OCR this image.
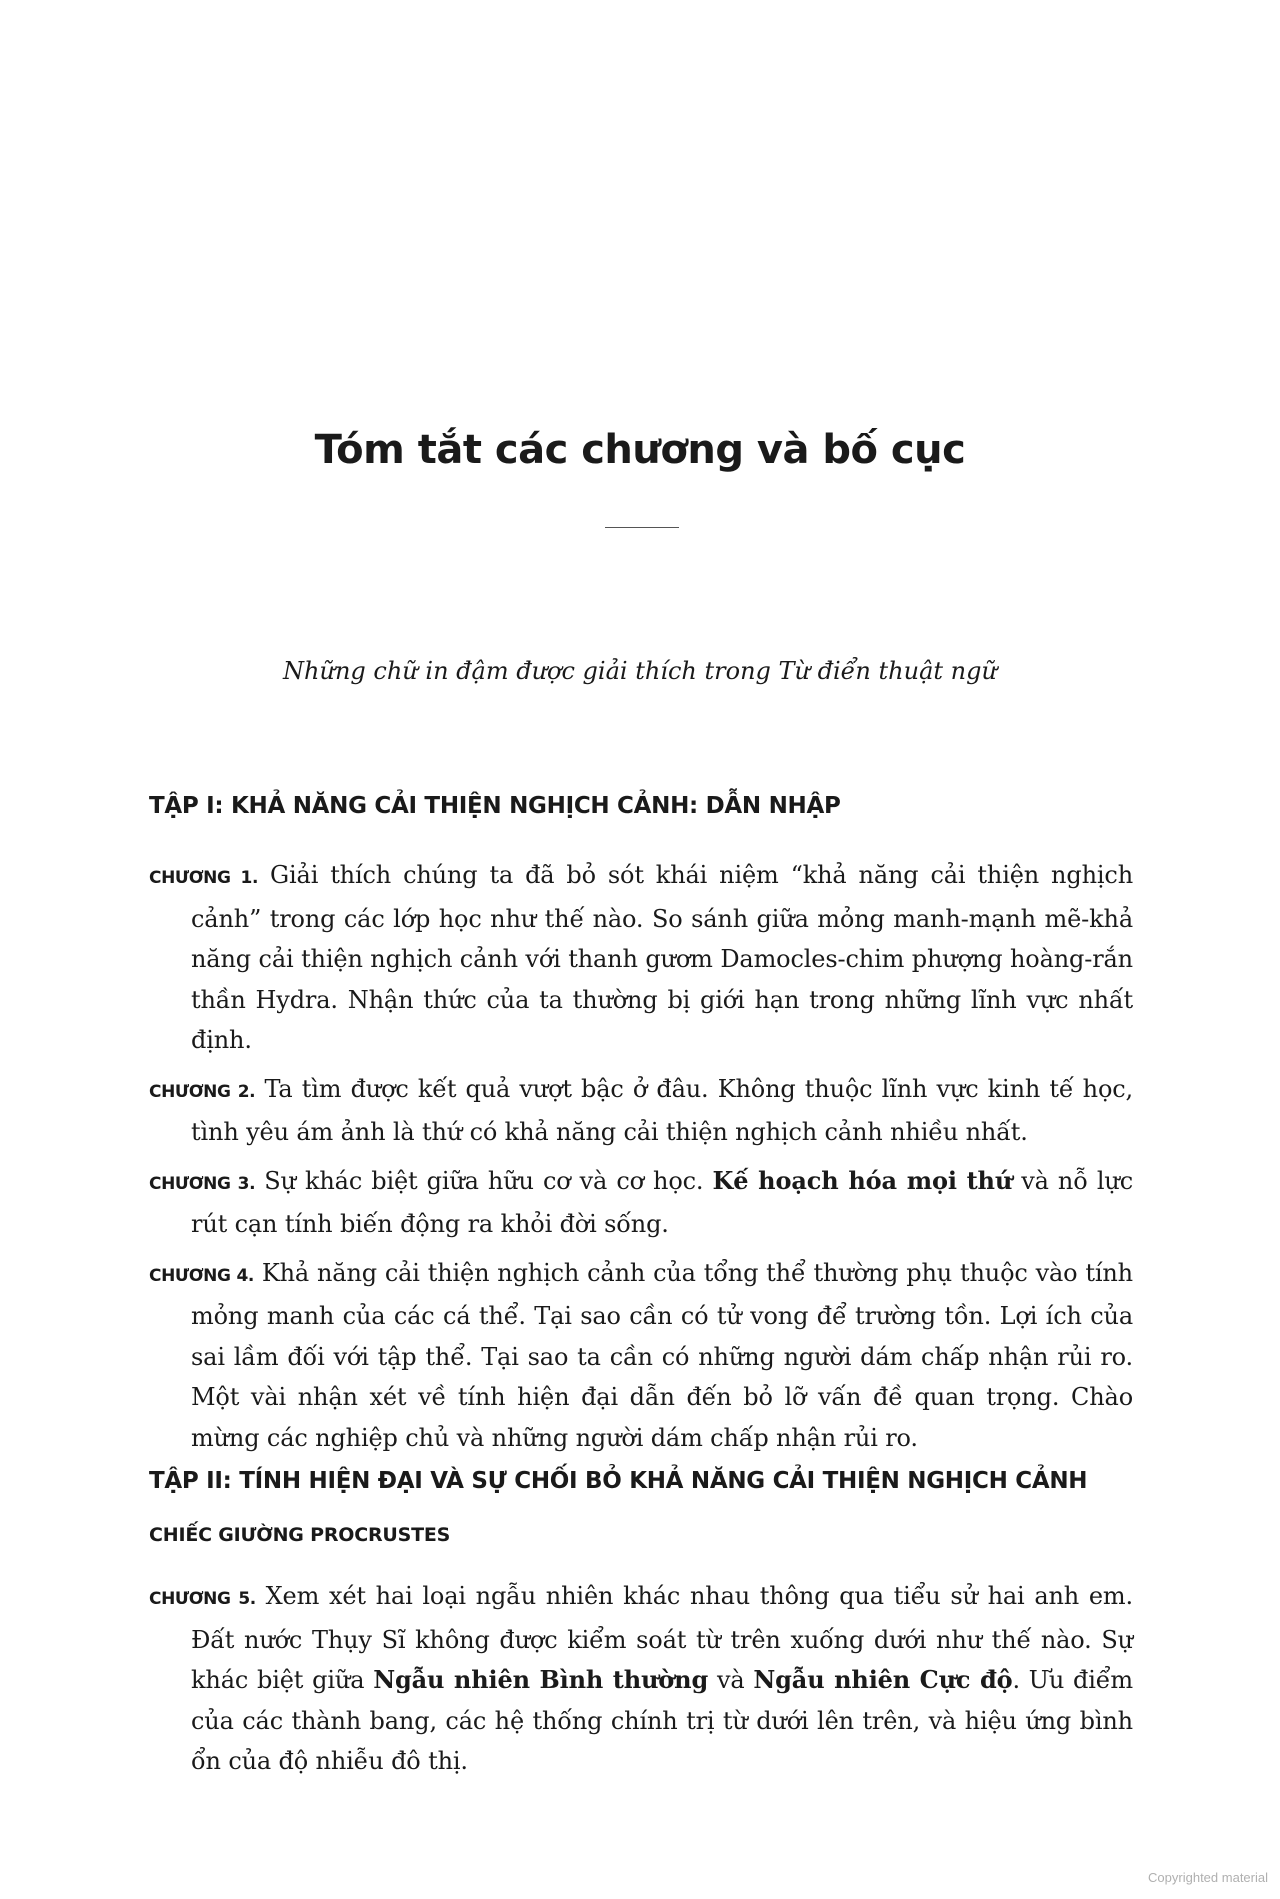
Tóm tắt các chương và bố cục

Những chữ in đậm được giải thích trong Từ điển thuật ngữ

TẬP I: KHẢ NĂNG CẢI THIỆN NGHỊCH CẢNH: DẪN NHẬP

CHƯƠNG 1. Giải thích chúng ta đã bỏ sót khái niệm “khả năng cải thiện nghịch cảnh” trong các lớp học như thế nào. So sánh giữa mỏng manh-mạnh mẽ-khả năng cải thiện nghịch cảnh với thanh gươm Damocles-chim phượng hoàng-rắn thần Hydra. Nhận thức của ta thường bị giới hạn trong những lĩnh vực nhất định.

CHƯƠNG 2. Ta tìm được kết quả vượt bậc ở đâu. Không thuộc lĩnh vực kinh tế học, tình yêu ám ảnh là thứ có khả năng cải thiện nghịch cảnh nhiều nhất.

CHƯƠNG 3. Sự khác biệt giữa hữu cơ và cơ học. Kế hoạch hóa mọi thứ và nỗ lực rút cạn tính biến động ra khỏi đời sống.

CHƯƠNG 4. Khả năng cải thiện nghịch cảnh của tổng thể thường phụ thuộc vào tính mỏng manh của các cá thể. Tại sao cần có tử vong để trường tồn. Lợi ích của sai lầm đối với tập thể. Tại sao ta cần có những người dám chấp nhận rủi ro. Một vài nhận xét về tính hiện đại dẫn đến bỏ lỡ vấn đề quan trọng. Chào mừng các nghiệp chủ và những người dám chấp nhận rủi ro.

TẬP II: TÍNH HIỆN ĐẠI VÀ SỰ CHỐI BỎ KHẢ NĂNG CẢI THIỆN NGHỊCH CẢNH
CHIẾC GIƯỜNG PROCRUSTES

CHƯƠNG 5. Xem xét hai loại ngẫu nhiên khác nhau thông qua tiểu sử hai anh em. Đất nước Thụy Sĩ không được kiểm soát từ trên xuống dưới như thế nào. Sự khác biệt giữa Ngẫu nhiên Bình thường và Ngẫu nhiên Cực độ. Ưu điểm của các thành bang, các hệ thống chính trị từ dưới lên trên, và hiệu ứng bình ổn của độ nhiễu đô thị.

Copyrighted material
